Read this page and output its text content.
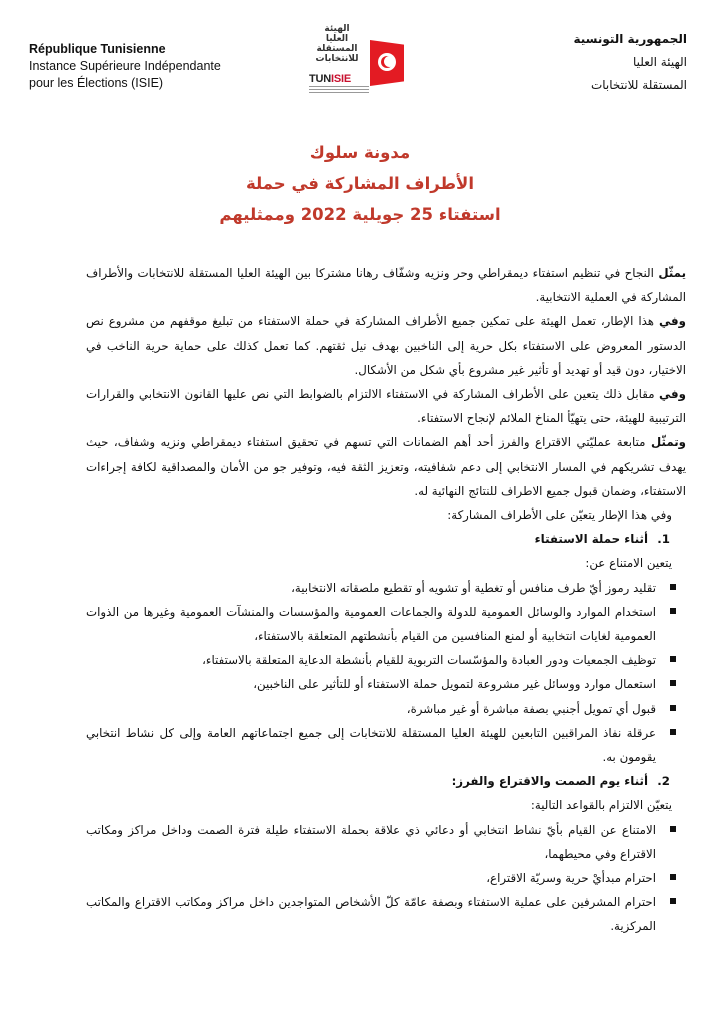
République Tunisienne
Instance Supérieure Indépendante
pour les Élections (ISIE)
الهيئة
العليا
المستقلة
للانتخابات
TUNISIE
الجمهورية التونسية
الهيئة العليا
المستقلة للانتخابات
مدونة سلوك
الأطراف المشاركة في حملة
استفتاء 25 جويلية 2022 وممثليهم

يمثّل النجاح في تنظيم استفتاء ديمقراطي وحر ونزيه وشفّاف رهانا مشتركا بين الهيئة العليا المستقلة للانتخابات والأطراف المشاركة في العملية الانتخابية.

وفي هذا الإطار، تعمل الهيئة على تمكين جميع الأطراف المشاركة في حملة الاستفتاء من تبليغ موقفهم من مشروع نص الدستور المعروض على الاستفتاء بكل حرية إلى الناخبين بهدف نيل ثقتهم. كما تعمل كذلك على حماية حرية الناخب في الاختيار، دون قيد أو تهديد أو تأثير غير مشروع بأي شكل من الأشكال.

وفي مقابل ذلك يتعين على الأطراف المشاركة في الاستفتاء الالتزام بالضوابط التي نص عليها القانون الانتخابي والقرارات الترتيبية للهيئة، حتى يتهيّأ المناخ الملائم لإنجاح الاستفتاء.

وتمثّل متابعة عمليّتي الاقتراع والفرز أحد أهم الضمانات التي تسهم في تحقيق استفتاء ديمقراطي ونزيه وشفاف، حيث يهدف تشريكهم في المسار الانتخابي إلى دعم شفافيته، وتعزيز الثقة فيه، وتوفير جو من الأمان والمصداقية لكافة إجراءات الاستفتاء، وضمان قبول جميع الاطراف للنتائج النهائية له.

وفي هذا الإطار يتعيّن على الأطراف المشاركة:

1.أثناء حملة الاستفتاء

يتعين الامتناع عن:

تقليد رموز أيّ طرف منافس أو تغطية أو تشويه أو تقطيع ملصقاته الانتخابية،
استخدام الموارد والوسائل العمومية للدولة والجماعات العمومية والمؤسسات والمنشآت العمومية وغيرها من الذوات العمومية لغايات انتخابية أو لمنع المنافسين من القيام بأنشطتهم المتعلقة بالاستفتاء،
توظيف الجمعيات ودور العبادة والمؤسّسات التربوية للقيام بأنشطة الدعاية المتعلقة بالاستفتاء،
استعمال موارد ووسائل غير مشروعة لتمويل حملة الاستفتاء أو للتأثير على الناخبين،
قبول أي تمويل أجنبي بصفة مباشرة أو غير مباشرة،
عرقلة نفاذ المراقبين التابعين للهيئة العليا المستقلة للانتخابات إلى جميع اجتماعاتهم العامة وإلى كل نشاط انتخابي يقومون به.

2.أثناء يوم الصمت والاقتراع والفرز:

يتعيّن الالتزام بالقواعد التالية:

الامتناع عن القيام بأيّ نشاط انتخابي أو دعائي ذي علاقة بحملة الاستفتاء طيلة فترة الصمت وداخل مراكز ومكاتب الاقتراع وفي محيطهما،
احترام مبدأيْ حرية وسريّة الاقتراع،
احترام المشرفين على عملية الاستفتاء وبصفة عامّة كلّ الأشخاص المتواجدين داخل مراكز ومكاتب الاقتراع والمكاتب المركزية.
